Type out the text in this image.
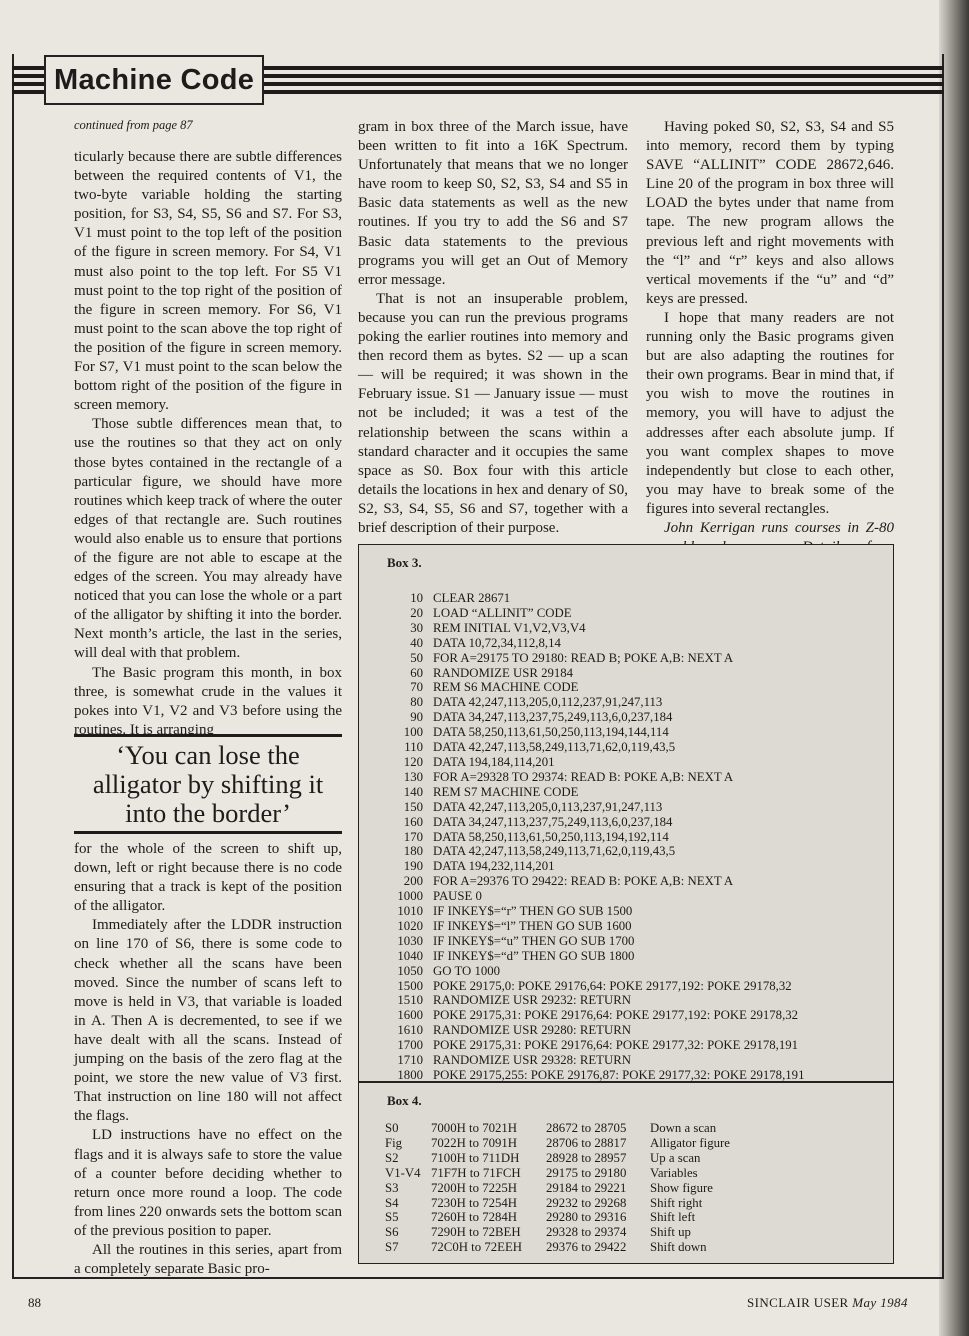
Machine Code
continued from page 87

ticularly because there are subtle differences between the required contents of V1, the two-byte variable holding the starting position, for S3, S4, S5, S6 and S7. For S3, V1 must point to the top left of the position of the figure in screen memory. For S4, V1 must also point to the top left. For S5 V1 must point to the top right of the position of the figure in screen memory. For S6, V1 must point to the scan above the top right of the position of the figure in screen memory. For S7, V1 must point to the scan below the bottom right of the position of the figure in screen memory.

Those subtle differences mean that, to use the routines so that they act on only those bytes contained in the rectangle of a particular figure, we should have more routines which keep track of where the outer edges of that rectangle are. Such routines would also enable us to ensure that portions of the figure are not able to escape at the edges of the screen. You may already have noticed that you can lose the whole or a part of the alligator by shifting it into the border. Next month’s article, the last in the series, will deal with that problem.

The Basic program this month, in box three, is somewhat crude in the values it pokes into V1, V2 and V3 before using the routines. It is arranging

‘You can lose the alligator by shifting it into the border’

for the whole of the screen to shift up, down, left or right because there is no code ensuring that a track is kept of the position of the alligator.

Immediately after the LDDR instruction on line 170 of S6, there is some code to check whether all the scans have been moved. Since the number of scans left to move is held in V3, that variable is loaded in A. Then A is decremented, to see if we have dealt with all the scans. Instead of jumping on the basis of the zero flag at the point, we store the new value of V3 first. That instruction on line 180 will not affect the flags.

LD instructions have no effect on the flags and it is always safe to store the value of a counter before deciding whether to return once more round a loop. The code from lines 220 onwards sets the bottom scan of the previous position to paper.

All the routines in this series, apart from a completely separate Basic pro-

gram in box three of the March issue, have been written to fit into a 16K Spectrum. Unfortunately that means that we no longer have room to keep S0, S2, S3, S4 and S5 in Basic data statements as well as the new routines. If you try to add the S6 and S7 Basic data statements to the previous programs you will get an Out of Memory error message.

That is not an insuperable problem, because you can run the previous programs poking the earlier routines into memory and then record them as bytes. S2 — up a scan — will be required; it was shown in the February issue. S1 — January issue — must not be included; it was a test of the relationship between the scans within a standard character and it occupies the same space as S0. Box four with this article details the locations in hex and denary of S0, S2, S3, S4, S5, S6 and S7, together with a brief description of their purpose.

Having poked S0, S2, S3, S4 and S5 into memory, record them by typing SAVE “ALLINIT” CODE 28672,646. Line 20 of the program in box three will LOAD the bytes under that name from tape. The new program allows the previous left and right movements with the “l” and “r” keys and also allows vertical movements if the “u” and “d” keys are pressed.

I hope that many readers are not running only the Basic programs given but are also adapting the routines for their own programs. Bear in mind that, if you wish to move the routines in memory, you will have to adjust the addresses after each absolute jump. If you want complex shapes to move independently but close to each other, you may have to break some of the figures into several rectangles.

John Kerrigan runs courses in Z-80

Box 3.
10 CLEAR 28671
20 LOAD “ALLINIT” CODE
30 REM INITIAL V1,V2,V3,V4
40 DATA 10,72,34,112,8,14
50 FOR A=29175 TO 29180: READ B; POKE A,B: NEXT A
60 RANDOMIZE USR 29184
70 REM S6 MACHINE CODE
80 DATA 42,247,113,205,0,112,237,91,247,113
90 DATA 34,247,113,237,75,249,113,6,0,237,184
100 DATA 58,250,113,61,50,250,113,194,144,114
110 DATA 42,247,113,58,249,113,71,62,0,119,43,5
120 DATA 194,184,114,201
130 FOR A=29328 TO 29374: READ B: POKE A,B: NEXT A
140 REM S7 MACHINE CODE
150 DATA 42,247,113,205,0,113,237,91,247,113
160 DATA 34,247,113,237,75,249,113,6,0,237,184
170 DATA 58,250,113,61,50,250,113,194,192,114
180 DATA 42,247,113,58,249,113,71,62,0,119,43,5
190 DATA 194,232,114,201
200 FOR A=29376 TO 29422: READ B: POKE A,B: NEXT A
1000 PAUSE 0
1010 IF INKEY$=“r” THEN GO SUB 1500
1020 IF INKEY$=“l” THEN GO SUB 1600
1030 IF INKEY$=“u” THEN GO SUB 1700
1040 IF INKEY$=“d” THEN GO SUB 1800
1050 GO TO 1000
1500 POKE 29175,0: POKE 29176,64: POKE 29177,192: POKE 29178,32
1510 RANDOMIZE USR 29232: RETURN
1600 POKE 29175,31: POKE 29176,64: POKE 29177,192: POKE 29178,32
1610 RANDOMIZE USR 29280: RETURN
1700 POKE 29175,31: POKE 29176,64: POKE 29177,32: POKE 29178,191
1710 RANDOMIZE USR 29328: RETURN
1800 POKE 29175,255: POKE 29176,87: POKE 29177,32: POKE 29178,191
Box 4.
S0	7000H to 7021H	28672 to 28705	Down a scan
Fig	7022H to 7091H	28706 to 28817	Alligator figure
S2	7100H to 711DH	28928 to 28957	Up a scan
V1-V4	71F7H to 71FCH	29175 to 29180	Variables
S3	7200H to 7225H	29184 to 29221	Show figure
S4	7230H to 7254H	29232 to 29268	Shift right
S5	7260H to 7284H	29280 to 29316	Shift left
S6	7290H to 72BEH	29328 to 29374	Shift up
S7	72C0H to 72EEH	29376 to 29422	Shift down
88	SINCLAIR USER May 1984
